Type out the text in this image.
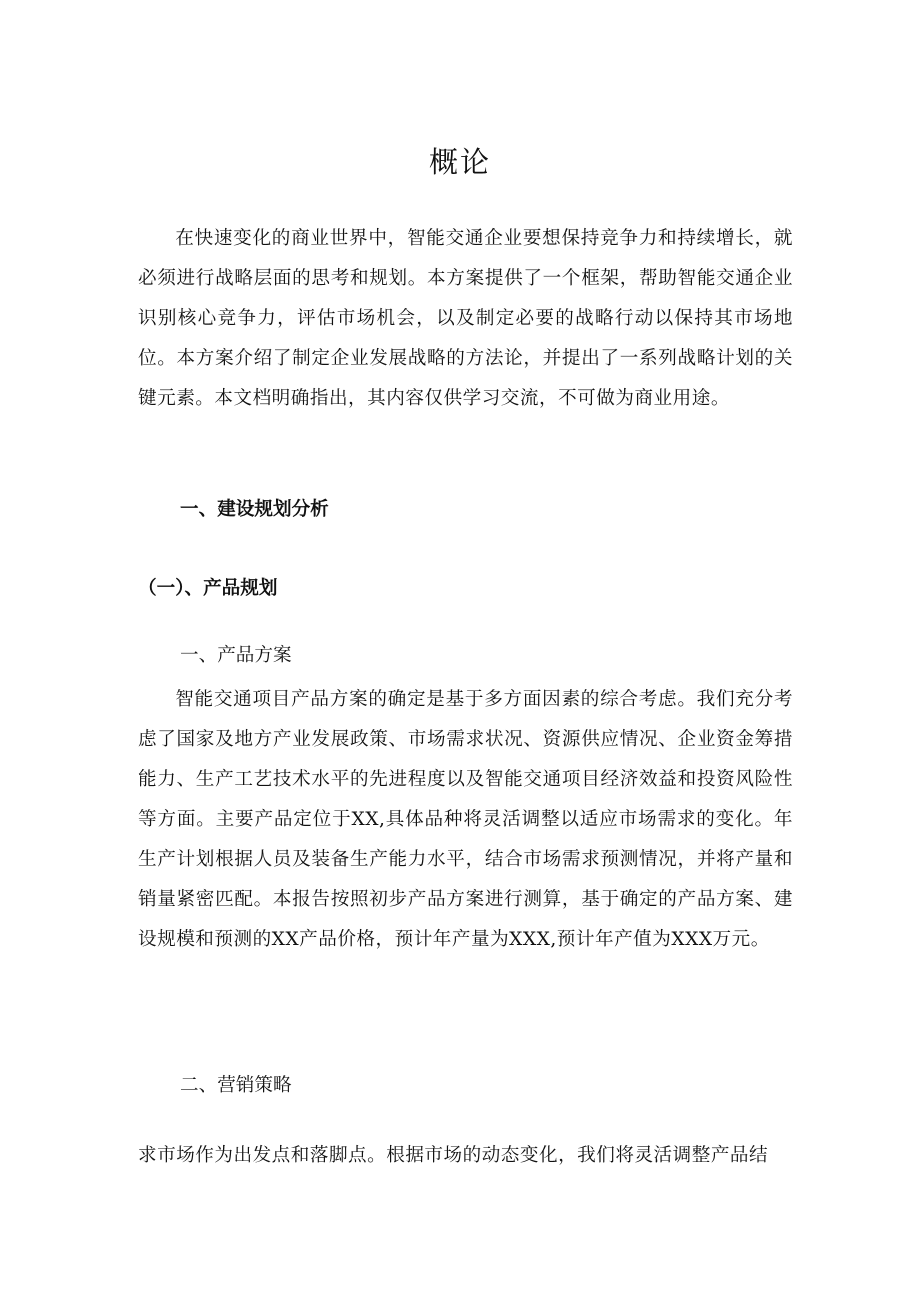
概论

在快速变化的商业世界中，智能交通企业要想保持竞争力和持续增长，就必须进行战略层面的思考和规划。本方案提供了一个框架，帮助智能交通企业识别核心竞争力，评估市场机会，以及制定必要的战略行动以保持其市场地位。本方案介绍了制定企业发展战略的方法论，并提出了一系列战略计划的关键元素。本文档明确指出，其内容仅供学习交流，不可做为商业用途。

一、建设规划分析
（一）、产品规划
一、产品方案

智能交通项目产品方案的确定是基于多方面因素的综合考虑。我们充分考虑了国家及地方产业发展政策、市场需求状况、资源供应情况、企业资金筹措能力、生产工艺技术水平的先进程度以及智能交通项目经济效益和投资风险性等方面。主要产品定位于XX,具体品种将灵活调整以适应市场需求的变化。年生产计划根据人员及装备生产能力水平，结合市场需求预测情况，并将产量和销量紧密匹配。本报告按照初步产品方案进行测算，基于确定的产品方案、建设规模和预测的XX产品价格，预计年产量为XXX,预计年产值为XXX万元。

二、营销策略

求市场作为出发点和落脚点。根据市场的动态变化，我们将灵活调整产品结
